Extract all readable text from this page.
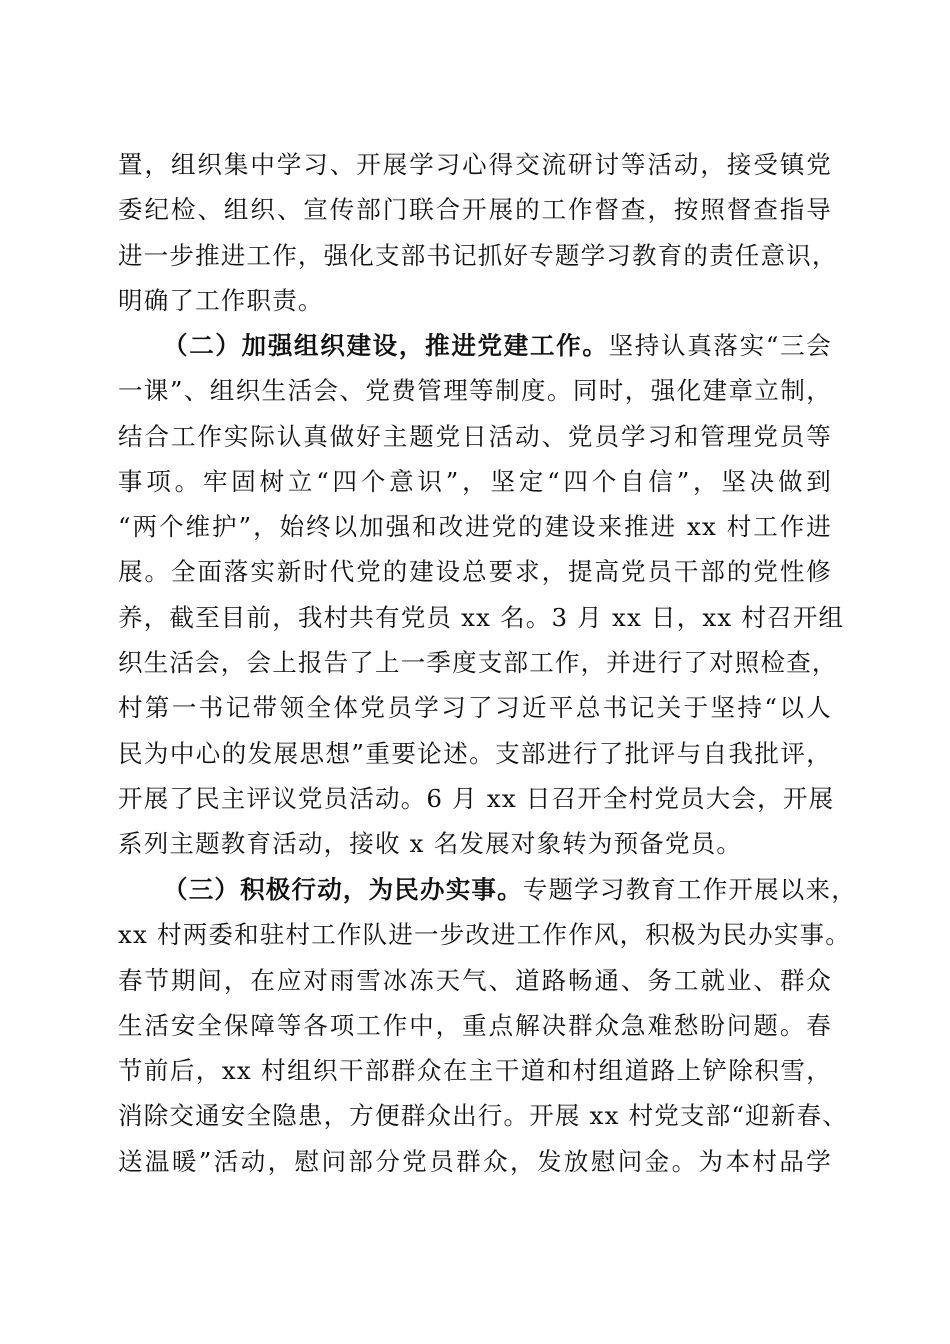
置，组织集中学习、开展学习心得交流研讨等活动，接受镇党
委纪检、组织、宣传部门联合开展的工作督查，按照督查指导
进一步推进工作，强化支部书记抓好专题学习教育的责任意识，
明确了工作职责。
（二）加强组织建设，推进党建工作。坚持认真落实“三会
一课”、组织生活会、党费管理等制度。同时，强化建章立制，
结合工作实际认真做好主题党日活动、党员学习和管理党员等
事项。牢固树立“四个意识”，坚定“四个自信”，坚决做到
“两个维护”，始终以加强和改进党的建设来推进 xx 村工作进
展。全面落实新时代党的建设总要求，提高党员干部的党性修
养，截至目前，我村共有党员 xx 名。3 月 xx 日，xx 村召开组
织生活会，会上报告了上一季度支部工作，并进行了对照检查，
村第一书记带领全体党员学习了习近平总书记关于坚持“以人
民为中心的发展思想”重要论述。支部进行了批评与自我批评，
开展了民主评议党员活动。6 月 xx 日召开全村党员大会，开展
系列主题教育活动，接收 x 名发展对象转为预备党员。
（三）积极行动，为民办实事。专题学习教育工作开展以来，
xx 村两委和驻村工作队进一步改进工作作风，积极为民办实事。
春节期间，在应对雨雪冰冻天气、道路畅通、务工就业、群众
生活安全保障等各项工作中，重点解决群众急难愁盼问题。春
节前后，xx 村组织干部群众在主干道和村组道路上铲除积雪，
消除交通安全隐患，方便群众出行。开展 xx 村党支部“迎新春、
送温暖”活动，慰问部分党员群众，发放慰问金。为本村品学
